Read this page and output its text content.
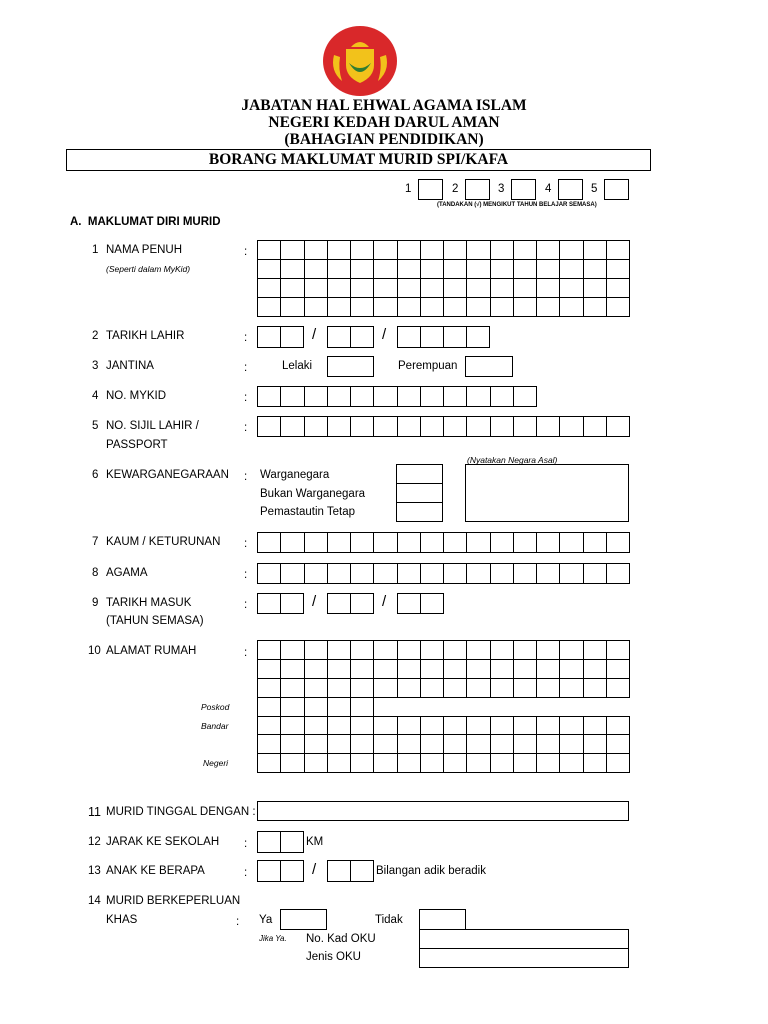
JABATAN HAL EHWAL AGAMA ISLAM
NEGERI KEDAH DARUL AMAN
(BAHAGIAN PENDIDIKAN)
BORANG MAKLUMAT MURID SPI/KAFA
1	2	3	4	5
(TANDAKAN (√) MENGIKUT TAHUN BELAJAR SEMASA)
A.  MAKLUMAT DIRI MURID
1 NAMA PENUH
(Seperti dalam MyKid)
:
2 TARIKH LAHIR	:	/	/
3 JANTINA	:	Lelaki	Perempuan
4 NO. MYKID	:
5 NO. SIJIL LAHIR /
PASSPORT
:
6 KEWARGANEGARAAN : Warganegara
Bukan Warganegara
Pemastautin Tetap
(Nyatakan Negara Asal)
7 KAUM / KETURUNAN :
8 AGAMA	:
9 TARIKH MASUK
(TAHUN SEMASA)
:	/	/
10 ALAMAT RUMAH	:
Poskod
Bandar
Negeri
11 MURID TINGGAL DENGAN :
12 JARAK KE SEKOLAH :	KM
13 ANAK KE BERAPA	:	/	Bilangan adik beradik
14 MURID BERKEPERLUAN
KHAS	: Ya	Tidak
Jika Ya. No. Kad OKU
Jenis OKU
